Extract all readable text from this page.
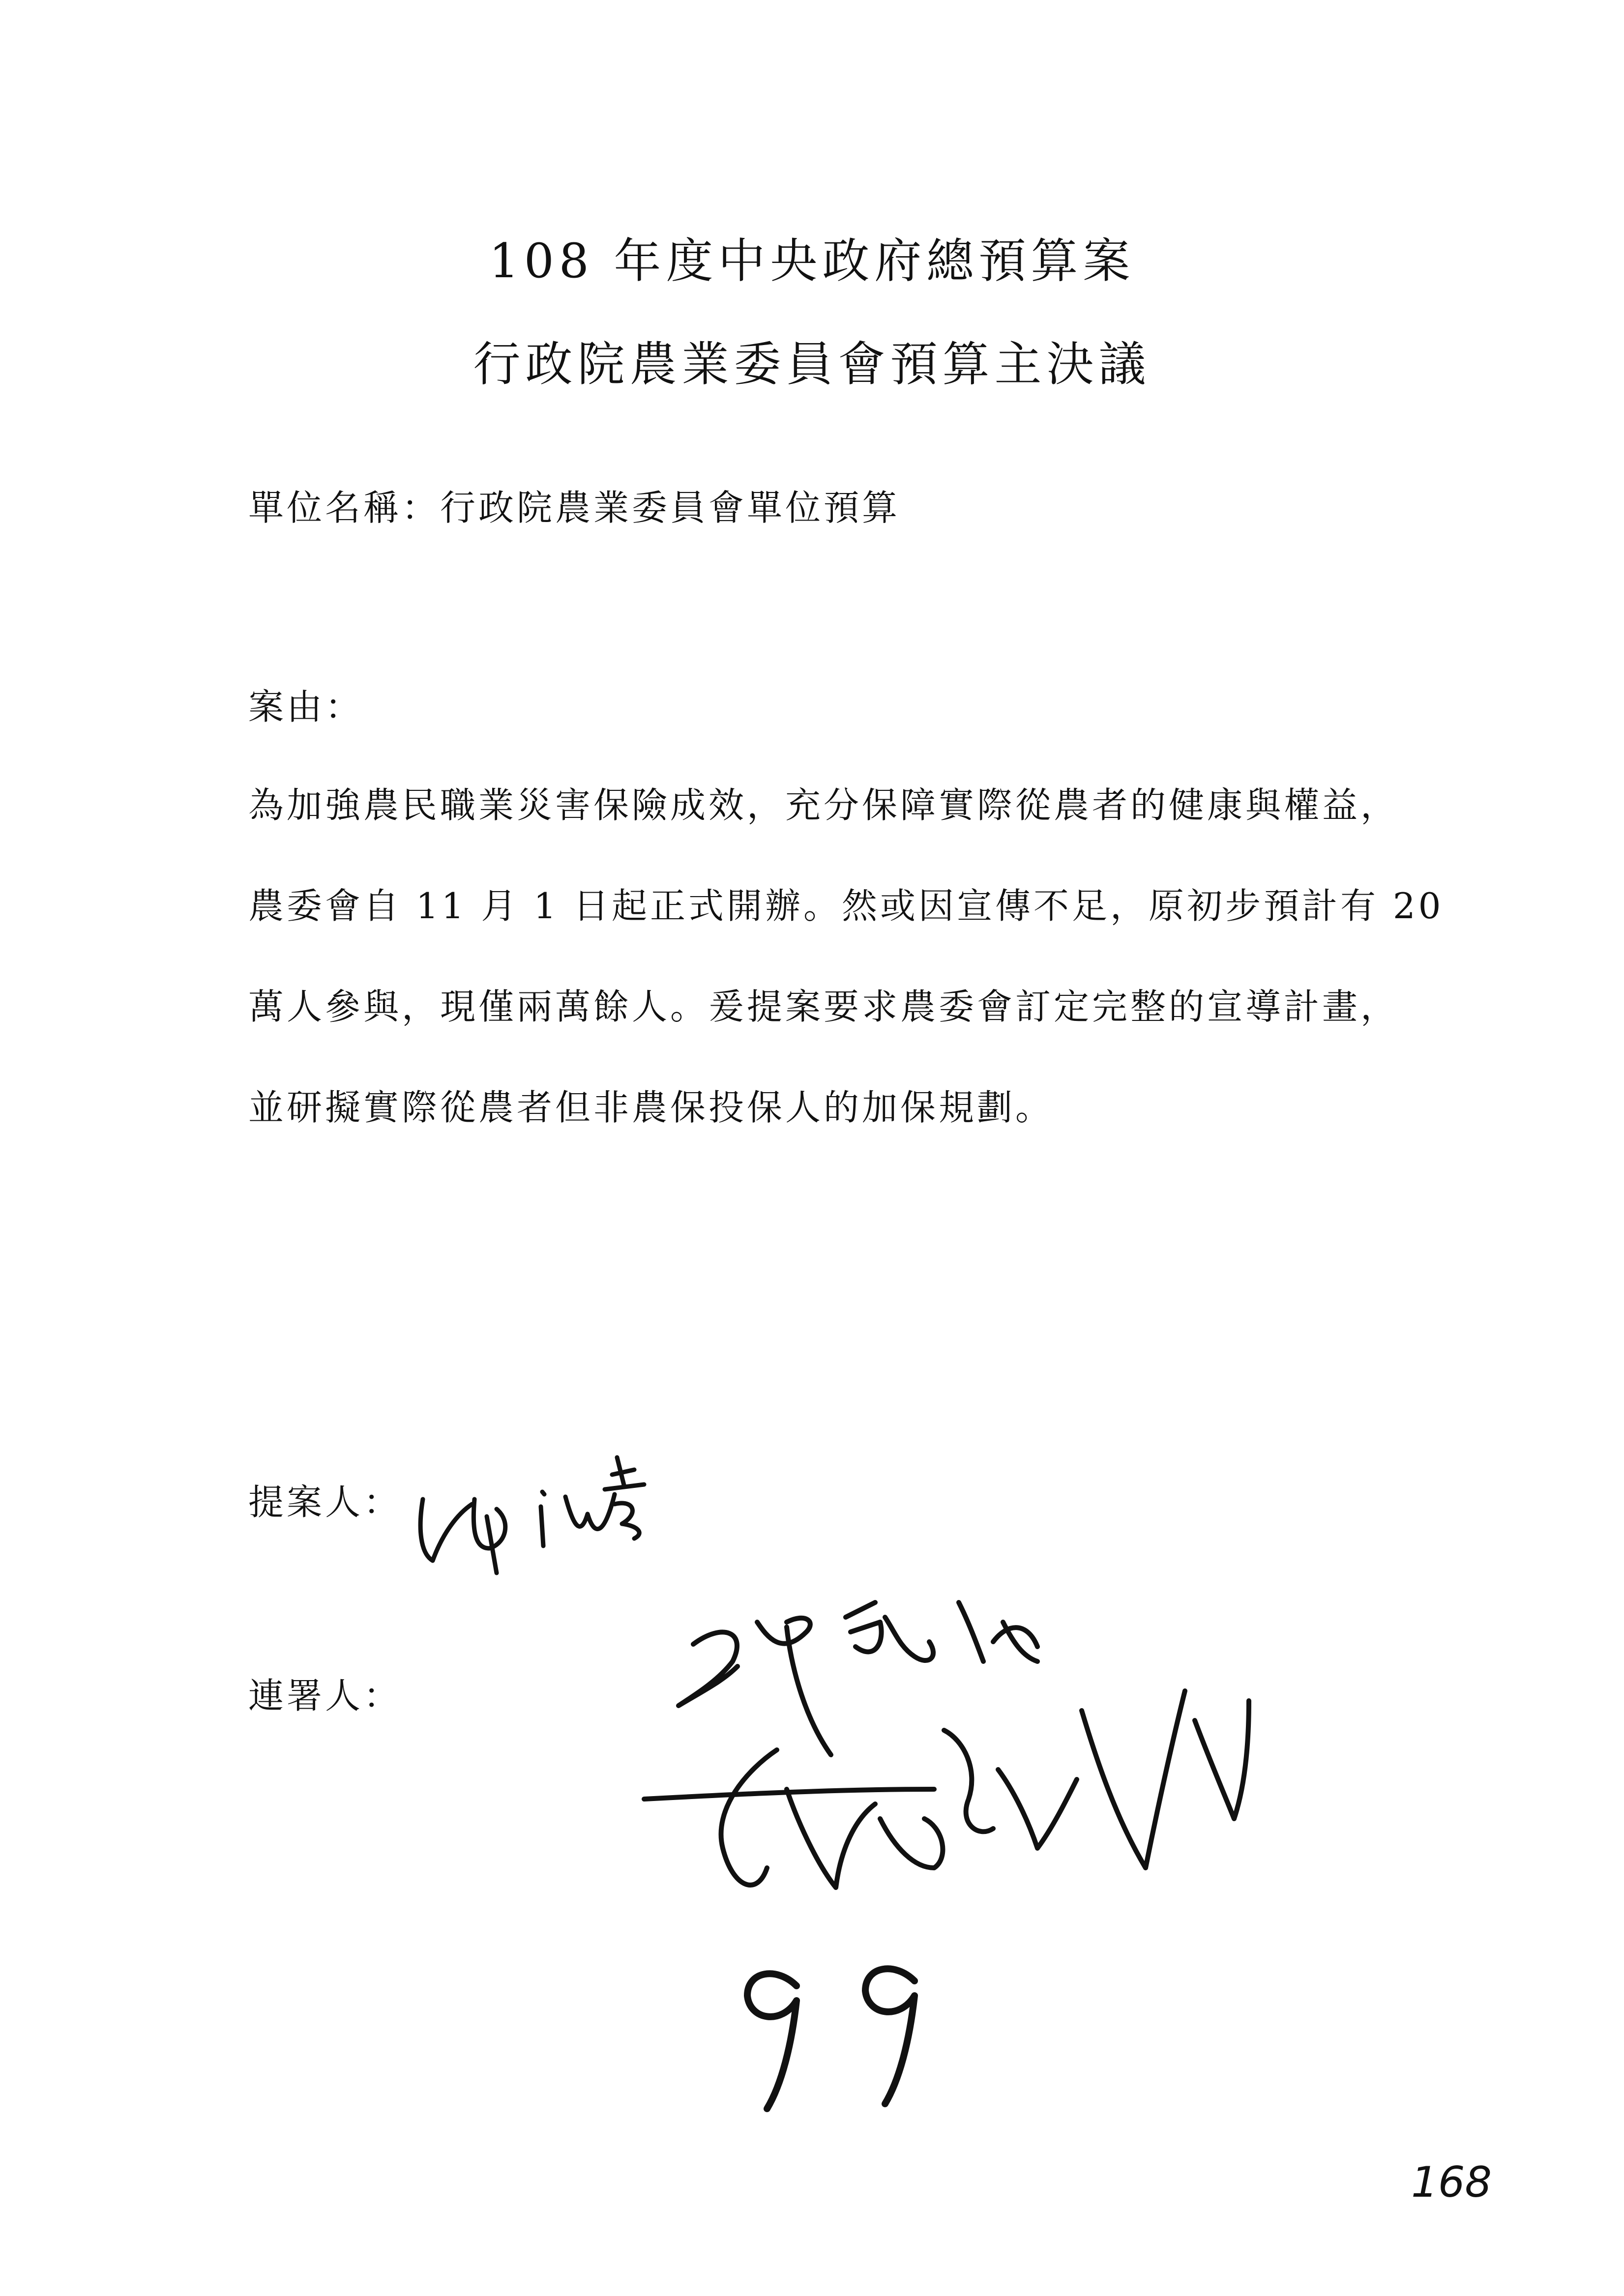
108 年度中央政府總預算案
行政院農業委員會預算主決議
單位名稱：行政院農業委員會單位預算
案由：
為加強農民職業災害保險成效，充分保障實際從農者的健康與權益，
農委會自 11 月 1 日起正式開辦。然或因宣傳不足，原初步預計有 20
萬人參與，現僅兩萬餘人。爰提案要求農委會訂定完整的宣導計畫，
並研擬實際從農者但非農保投保人的加保規劃。
提案人：
連署人：
168
